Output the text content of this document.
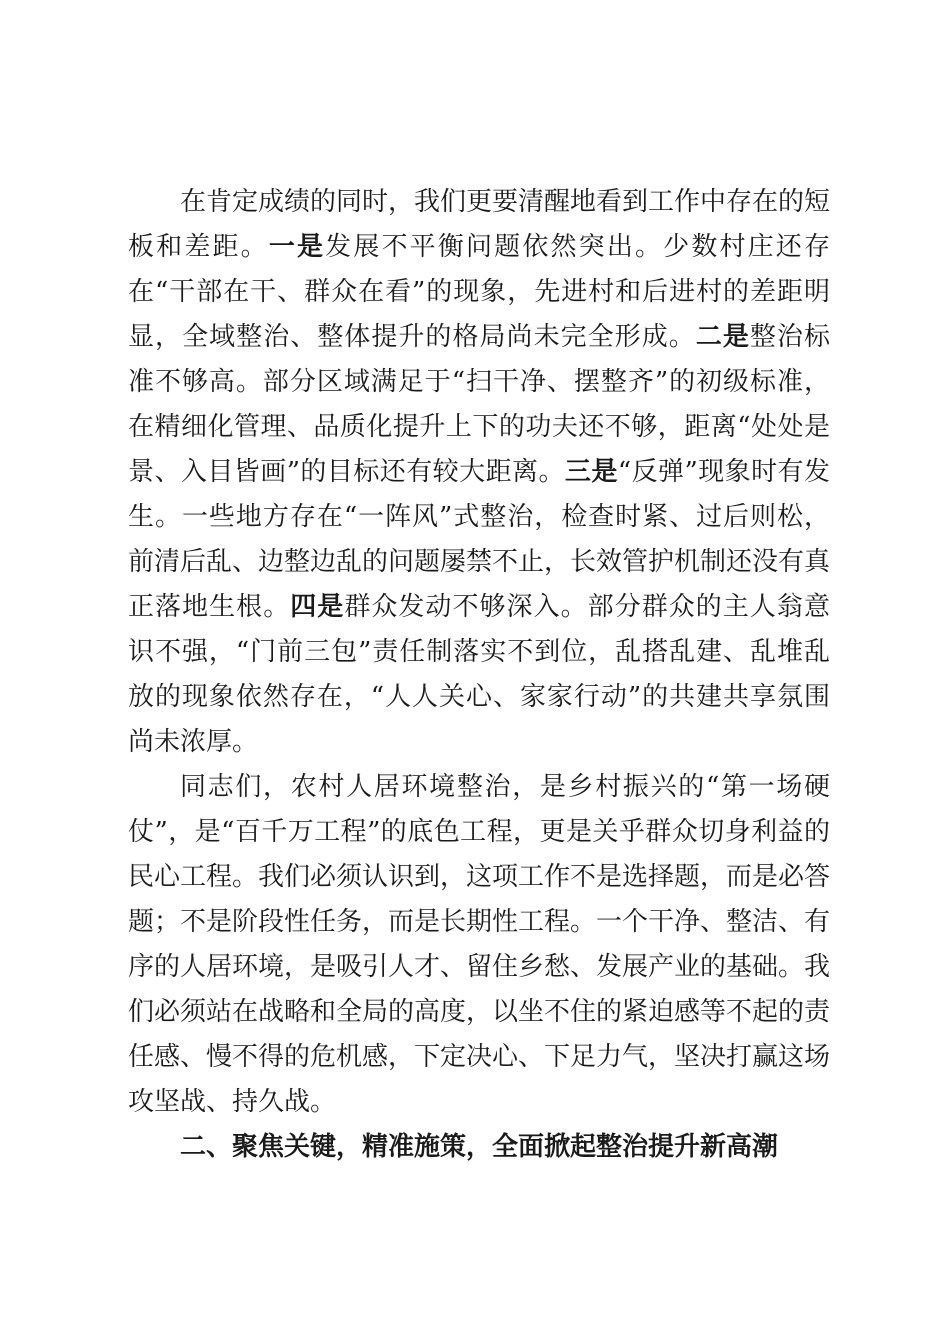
在肯定成绩的同时，我们更要清醒地看到工作中存在的短板和差距。一是发展不平衡问题依然突出。少数村庄还存在“干部在干、群众在看”的现象，先进村和后进村的差距明显，全域整治、整体提升的格局尚未完全形成。二是整治标准不够高。部分区域满足于“扫干净、摆整齐”的初级标准，在精细化管理、品质化提升上下的功夫还不够，距离“处处是景、入目皆画”的目标还有较大距离。三是“反弹”现象时有发生。一些地方存在“一阵风”式整治，检查时紧、过后则松，前清后乱、边整边乱的问题屡禁不止，长效管护机制还没有真正落地生根。四是群众发动不够深入。部分群众的主人翁意识不强，“门前三包”责任制落实不到位，乱搭乱建、乱堆乱放的现象依然存在，“人人关心、家家行动”的共建共享氛围尚未浓厚。

同志们，农村人居环境整治，是乡村振兴的“第一场硬仗”，是“百千万工程”的底色工程，更是关乎群众切身利益的民心工程。我们必须认识到，这项工作不是选择题，而是必答题；不是阶段性任务，而是长期性工程。一个干净、整洁、有序的人居环境，是吸引人才、留住乡愁、发展产业的基础。我们必须站在战略和全局的高度，以坐不住的紧迫感等不起的责任感、慢不得的危机感，下定决心、下足力气，坚决打赢这场攻坚战、持久战。

二、聚焦关键，精准施策，全面掀起整治提升新高潮
